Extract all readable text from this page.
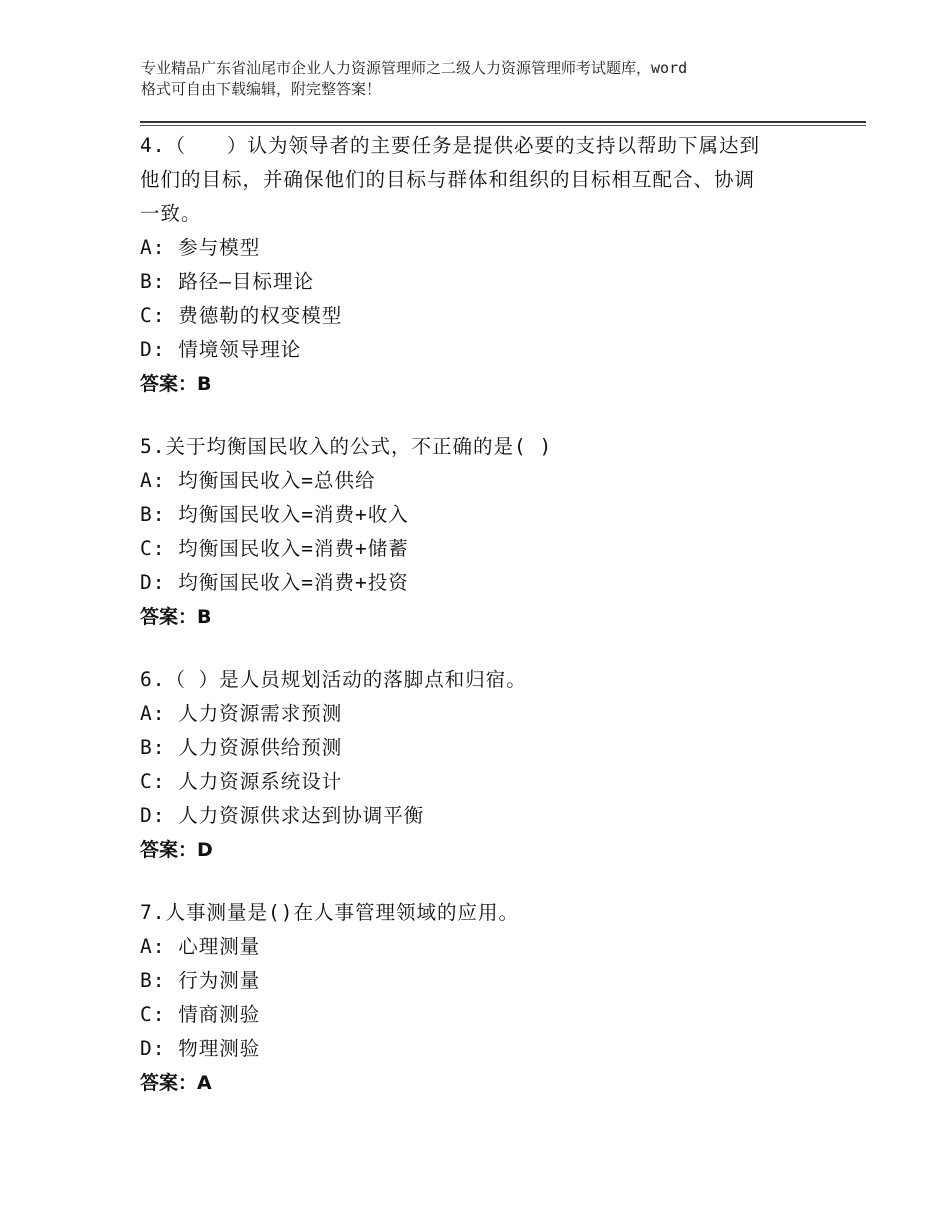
专业精品广东省汕尾市企业人力资源管理师之二级人力资源管理师考试题库，word
格式可自由下载编辑，附完整答案！

4.（　　）认为领导者的主要任务是提供必要的支持以帮助下属达到

他们的目标，并确保他们的目标与群体和组织的目标相互配合、协调

一致。

A: 参与模型

B: 路径—目标理论

C: 费德勒的权变模型

D: 情境领导理论

答案：B

5.关于均衡国民收入的公式，不正确的是( )

A: 均衡国民收入=总供给

B: 均衡国民收入=消费+收入

C: 均衡国民收入=消费+储蓄

D: 均衡国民收入=消费+投资

答案：B

6.（ ）是人员规划活动的落脚点和归宿。

A: 人力资源需求预测

B: 人力资源供给预测

C: 人力资源系统设计

D: 人力资源供求达到协调平衡

答案：D

7.人事测量是()在人事管理领域的应用。

A: 心理测量

B: 行为测量

C: 情商测验

D: 物理测验

答案：A
